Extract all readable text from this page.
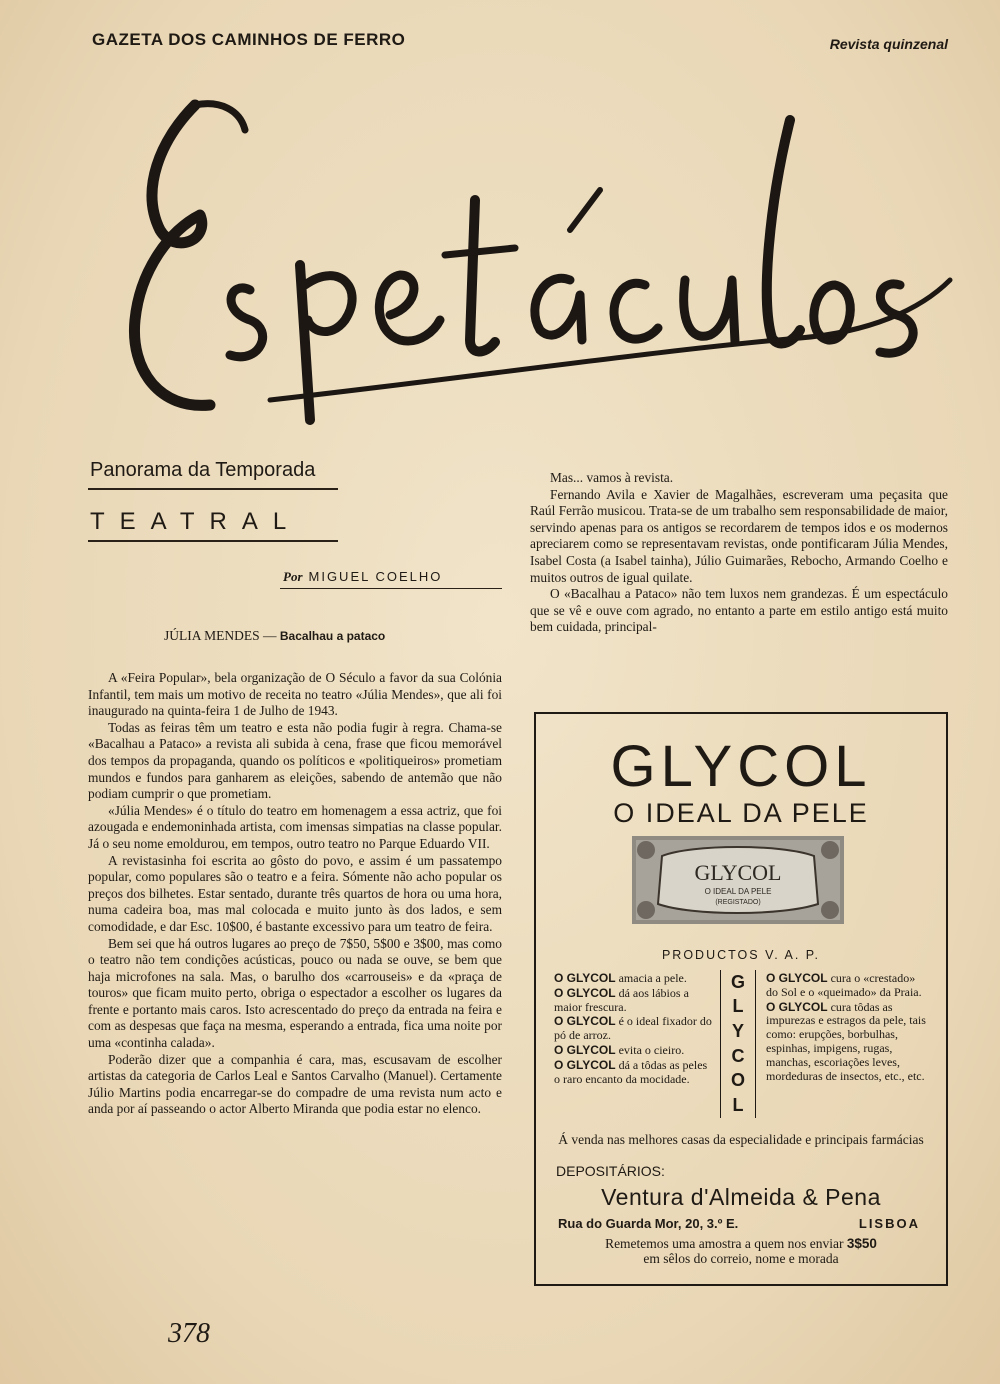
GAZETA DOS CAMINHOS DE FERRO	Revista quinzenal
Panorama da Temporada
TEATRAL
Por MIGUEL COELHO
JÚLIA MENDES — Bacalhau a pataco

A «Feira Popular», bela organização de O Século a favor da sua Colónia Infantil, tem mais um motivo de receita no teatro «Júlia Mendes», que ali foi inaugurado na quinta-feira 1 de Julho de 1943.

Todas as feiras têm um teatro e esta não podia fugir à regra. Chama-se «Bacalhau a Pataco» a revista ali subida à cena, frase que ficou memorável dos tempos da propaganda, quando os políticos e «politiqueiros» prometiam mundos e fundos para ganharem as eleições, sabendo de antemão que não podiam cumprir o que prometiam.

«Júlia Mendes» é o título do teatro em homenagem a essa actriz, que foi azougada e endemoninhada artista, com imensas simpatias na classe popular. Já o seu nome emoldurou, em tempos, outro teatro no Parque Eduardo VII.

A revistasinha foi escrita ao gôsto do povo, e assim é um passatempo popular, como populares são o teatro e a feira. Sómente não acho popular os preços dos bilhetes. Estar sentado, durante três quartos de hora ou uma hora, numa cadeira boa, mas mal colocada e muito junto às dos lados, e sem comodidade, e dar Esc. 10$00, é bastante excessivo para um teatro de feira.

Bem sei que há outros lugares ao preço de 7$50, 5$00 e 3$00, mas como o teatro não tem condições acústicas, pouco ou nada se ouve, se bem que haja microfones na sala. Mas, o barulho dos «carrouseis» e da «praça de touros» que ficam muito perto, obriga o espectador a escolher os lugares da frente e portanto mais caros. Isto acrescentado do preço da entrada na feira e com as despesas que faça na mesma, esperando a entrada, fica uma noite por uma «continha calada».

Poderão dizer que a companhia é cara, mas, escusavam de escolher artistas da categoria de Carlos Leal e Santos Carvalho (Manuel). Certamente Júlio Martins podia encarregar-se do compadre de uma revista num acto e anda por aí passeando o actor Alberto Miranda que podia estar no elenco.

Mas... vamos à revista.

Fernando Avila e Xavier de Magalhães, escreveram uma peçasita que Raúl Ferrão musicou. Trata-se de um trabalho sem responsabilidade de maior, servindo apenas para os antigos se recordarem de tempos idos e os modernos apreciarem como se representavam revistas, onde pontificaram Júlia Mendes, Isabel Costa (a Isabel tainha), Júlio Guimarães, Rebocho, Armando Coelho e muitos outros de igual quilate.

O «Bacalhau a Pataco» não tem luxos nem grandezas. É um espectáculo que se vê e ouve com agrado, no entanto a parte em estilo antigo está muito bem cuidada, principal-

GLYCOL
O IDEAL DA PELE
GLYCOL
O IDEAL DA PELE
(REGISTADO)
PRODUCTOS V. A. P.
O GLYCOL amacia a pele.
O GLYCOL dá aos lábios a maior frescura.
O GLYCOL é o ideal fixador do pó de arroz.
O GLYCOL evita o cieiro.
O GLYCOL dá a tôdas as peles o raro encanto da mocidade.
G
L
Y
C
O
L
O GLYCOL cura o «crestado» do Sol e o «queimado» da Praia.
O GLYCOL cura tôdas as impurezas e estragos da pele, tais como: erupções, borbulhas, espinhas, impigens, rugas, manchas, escoriações leves, mordeduras de insectos, etc., etc.
Á venda nas melhores casas da especialidade e principais farmácias
DEPOSITÁRIOS:
Ventura d'Almeida & Pena
Rua do Guarda Mor, 20, 3.º E.	LISBOA
Remetemos uma amostra a quem nos enviar 3$50
em sêlos do correio, nome e morada
378
